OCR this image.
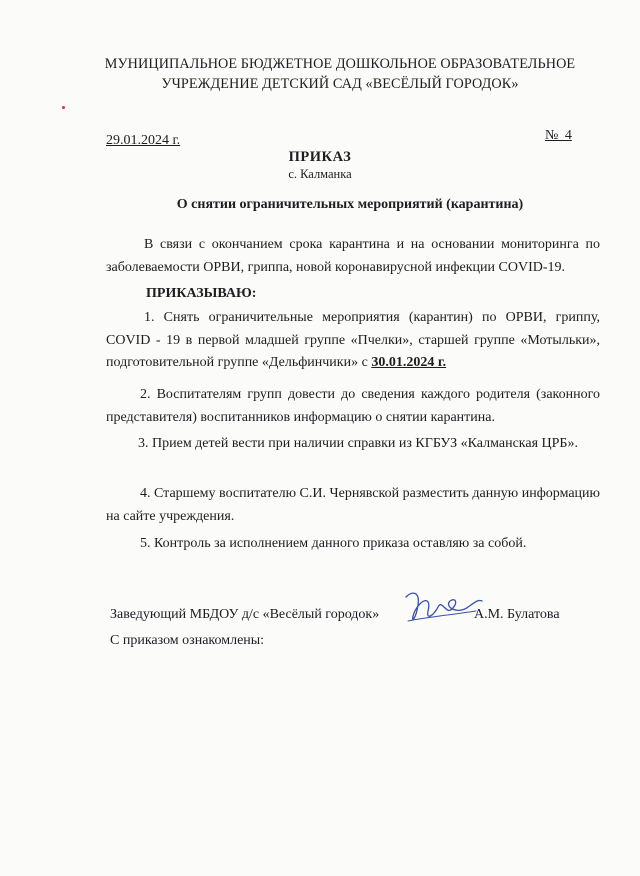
МУНИЦИПАЛЬНОЕ БЮДЖЕТНОЕ ДОШКОЛЬНОЕ ОБРАЗОВАТЕЛЬНОЕ
УЧРЕЖДЕНИЕ ДЕТСКИЙ САД «ВЕСЁЛЫЙ ГОРОДОК»
29.01.2024 г.	№ 4
ПРИКАЗ
с. Калманка
О снятии ограничительных мероприятий (карантина)
В связи с окончанием срока карантина и на основании мониторинга по заболеваемости ОРВИ, гриппа, новой коронавирусной инфекции COVID-19.
ПРИКАЗЫВАЮ:
1. Снять ограничительные мероприятия (карантин) по ОРВИ, гриппу, COVID - 19 в первой младшей группе «Пчелки», старшей группе «Мотыльки», подготовительной группе «Дельфинчики» с 30.01.2024 г.
2. Воспитателям групп довести до сведения каждого родителя (законного представителя) воспитанников информацию о снятии карантина.
3. Прием детей вести при наличии справки из КГБУЗ «Калманская ЦРБ».
4. Старшему воспитателю С.И. Чернявской разместить данную информацию на сайте учреждения.
5. Контроль за исполнением данного приказа оставляю за собой.
Заведующий МБДОУ д/с «Весёлый городок»	А.М. Булатова
С приказом ознакомлены:
